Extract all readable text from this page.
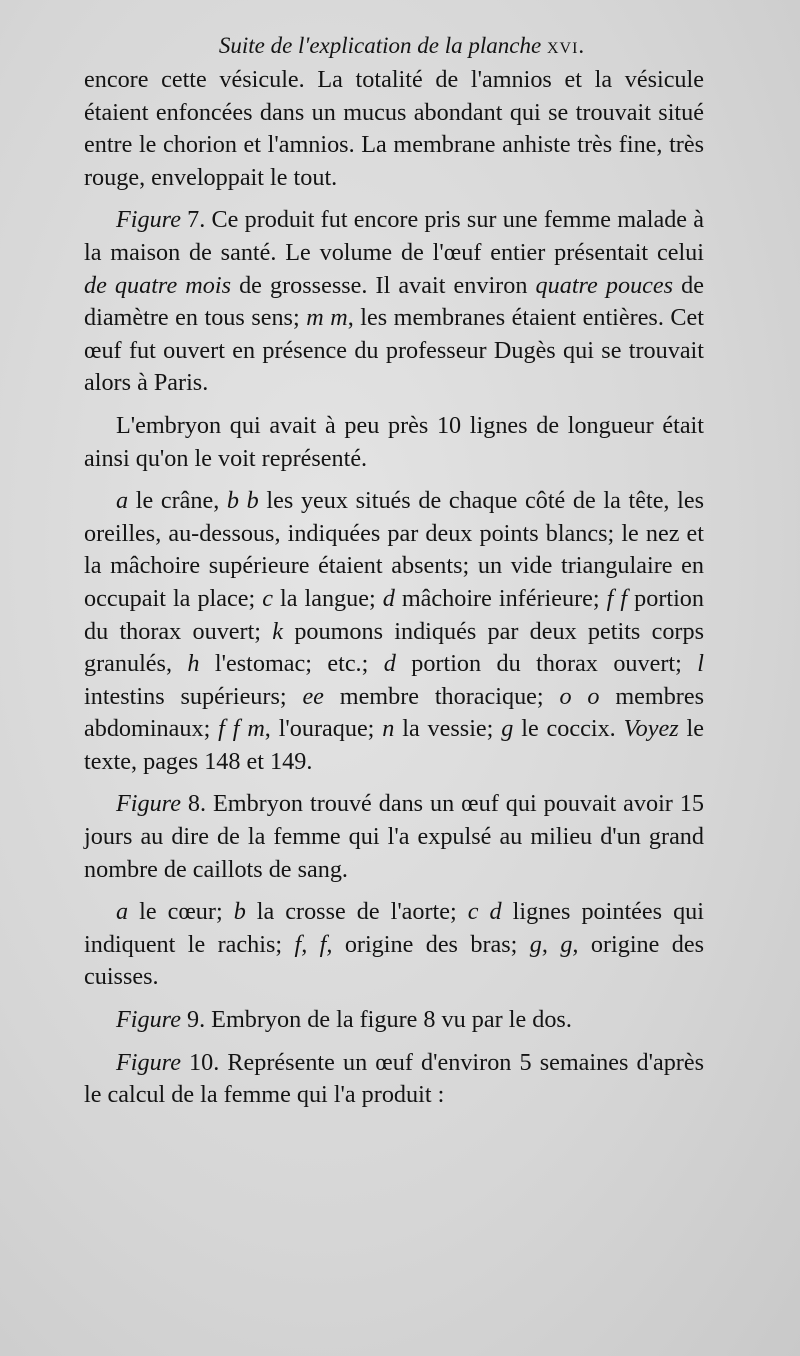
Suite de l'explication de la planche xvi.

encore cette vésicule. La totalité de l'amnios et la vésicule étaient enfoncées dans un mucus abondant qui se trouvait situé entre le chorion et l'amnios. La membrane anhiste très fine, très rouge, enveloppait le tout.

Figure 7. Ce produit fut encore pris sur une femme malade à la maison de santé. Le volume de l'œuf entier présentait celui de quatre mois de grossesse. Il avait environ quatre pouces de diamètre en tous sens; m m, les membranes étaient entières. Cet œuf fut ouvert en présence du professeur Dugès qui se trouvait alors à Paris.

L'embryon qui avait à peu près 10 lignes de longueur était ainsi qu'on le voit représenté.

a le crâne, b b les yeux situés de chaque côté de la tête, les oreilles, au-dessous, indiquées par deux points blancs; le nez et la mâchoire supérieure étaient absents; un vide triangulaire en occupait la place; c la langue; d mâchoire inférieure; f f portion du thorax ouvert; k poumons indiqués par deux petits corps granulés, h l'estomac; etc.; d portion du thorax ouvert; l intestins supérieurs; ee membre thoracique; o o membres abdominaux; f f m, l'ouraque; n la vessie; g le coccix. Voyez le texte, pages 148 et 149.

Figure 8. Embryon trouvé dans un œuf qui pouvait avoir 15 jours au dire de la femme qui l'a expulsé au milieu d'un grand nombre de caillots de sang.

a le cœur; b la crosse de l'aorte; c d lignes pointées qui indiquent le rachis; f, f, origine des bras; g, g, origine des cuisses.

Figure 9. Embryon de la figure 8 vu par le dos.

Figure 10. Représente un œuf d'environ 5 semaines d'après le calcul de la femme qui l'a produit :
